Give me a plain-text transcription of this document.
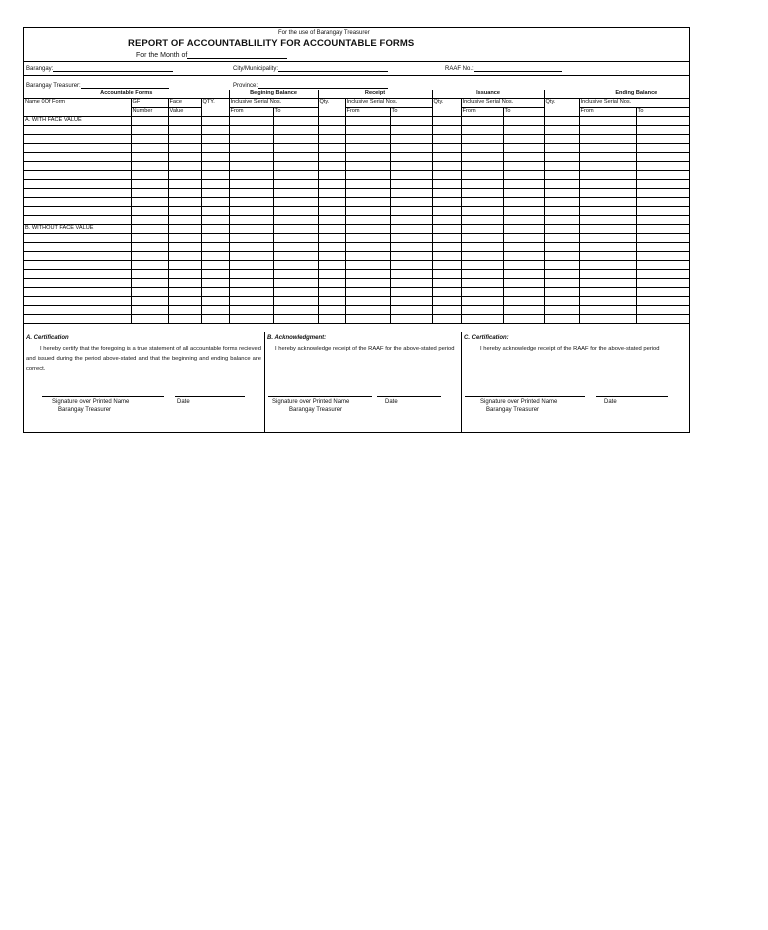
For the use of Barangay Treasurer
REPORT OF ACCOUNTABLILITY FOR ACCOUNTABLE FORMS
For the Month of
Barangay:	City/Municipality:	RAAF No.:
Barangay Treasurer:	Province:
Accountable Forms				Begining Balance		Receipt			Issuance			Ending Balance		
Name 0Of Form	GF	Face	QTY.	Inclusive Serial Nos.		Qty.	Inclusive Serial Nos.		Qty.	Inclusive Serial Nos.		Qty.	Inclusive Serial Nos.	
	Number	Value		From	To		From	To		From	To		From	To
A. WITH FACE VALUE														

B. WITHOUT FACE VALUE														

A. Certification
I hereby certify that the foregoing is a true statement of all accountable forms recieved and issued during the period above-stated and that the beginning and ending balance are correct.
Signature over Printed Name	Date
Barangay Treasurer
B. Acknowledgment:
I hereby acknowledge receipt of the RAAF for the above-stated period
Signature over Printed Name	Date
Barangay Treasurer
C. Certification:
I hereby acknowledge receipt of the RAAF for the above-stated period
Signature over Printed Name	Date
Barangay Treasurer
